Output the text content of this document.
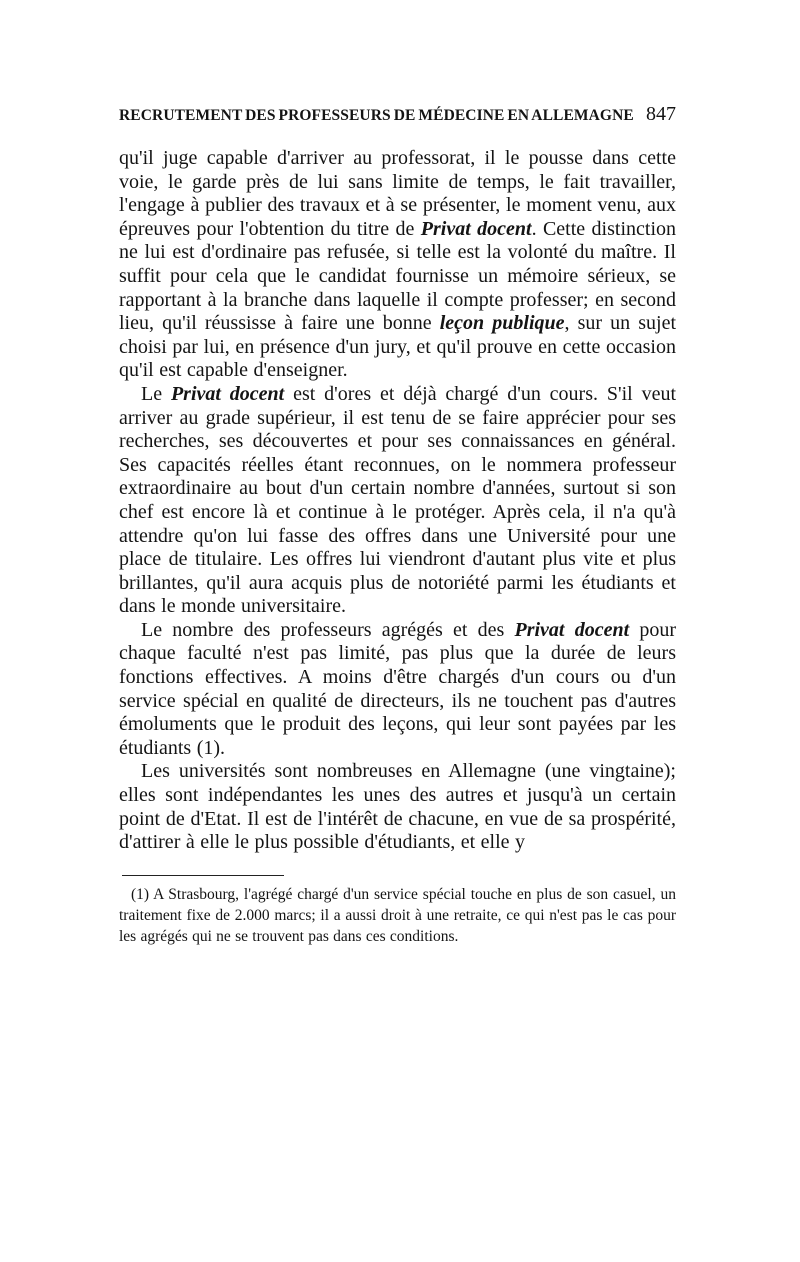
RECRUTEMENT DES PROFESSEURS DE MÉDECINE EN ALLEMAGNE 847

qu'il juge capable d'arriver au professorat, il le pousse dans cette voie, le garde près de lui sans limite de temps, le fait travailler, l'engage à publier des travaux et à se présenter, le moment venu, aux épreuves pour l'obtention du titre de Privat docent. Cette distinction ne lui est d'ordinaire pas refusée, si telle est la volonté du maître. Il suffit pour cela que le candidat fournisse un mémoire sérieux, se rapportant à la branche dans laquelle il compte professer; en second lieu, qu'il réussisse à faire une bonne leçon publique, sur un sujet choisi par lui, en présence d'un jury, et qu'il prouve en cette occasion qu'il est capable d'enseigner.

Le Privat docent est d'ores et déjà chargé d'un cours. S'il veut arriver au grade supérieur, il est tenu de se faire apprécier pour ses recherches, ses découvertes et pour ses connaissances en général. Ses capacités réelles étant reconnues, on le nommera professeur extraordinaire au bout d'un certain nombre d'années, surtout si son chef est encore là et continue à le protéger. Après cela, il n'a qu'à attendre qu'on lui fasse des offres dans une Université pour une place de titulaire. Les offres lui viendront d'autant plus vite et plus brillantes, qu'il aura acquis plus de notoriété parmi les étudiants et dans le monde universitaire.

Le nombre des professeurs agrégés et des Privat docent pour chaque faculté n'est pas limité, pas plus que la durée de leurs fonctions effectives. A moins d'être chargés d'un cours ou d'un service spécial en qualité de directeurs, ils ne touchent pas d'autres émoluments que le produit des leçons, qui leur sont payées par les étudiants (1).

Les universités sont nombreuses en Allemagne (une vingtaine); elles sont indépendantes les unes des autres et jusqu'à un certain point de d'Etat. Il est de l'intérêt de chacune, en vue de sa prospérité, d'attirer à elle le plus possible d'étudiants, et elle y

(1) A Strasbourg, l'agrégé chargé d'un service spécial touche en plus de son casuel, un traitement fixe de 2.000 marcs; il a aussi droit à une retraite, ce qui n'est pas le cas pour les agrégés qui ne se trouvent pas dans ces conditions.
